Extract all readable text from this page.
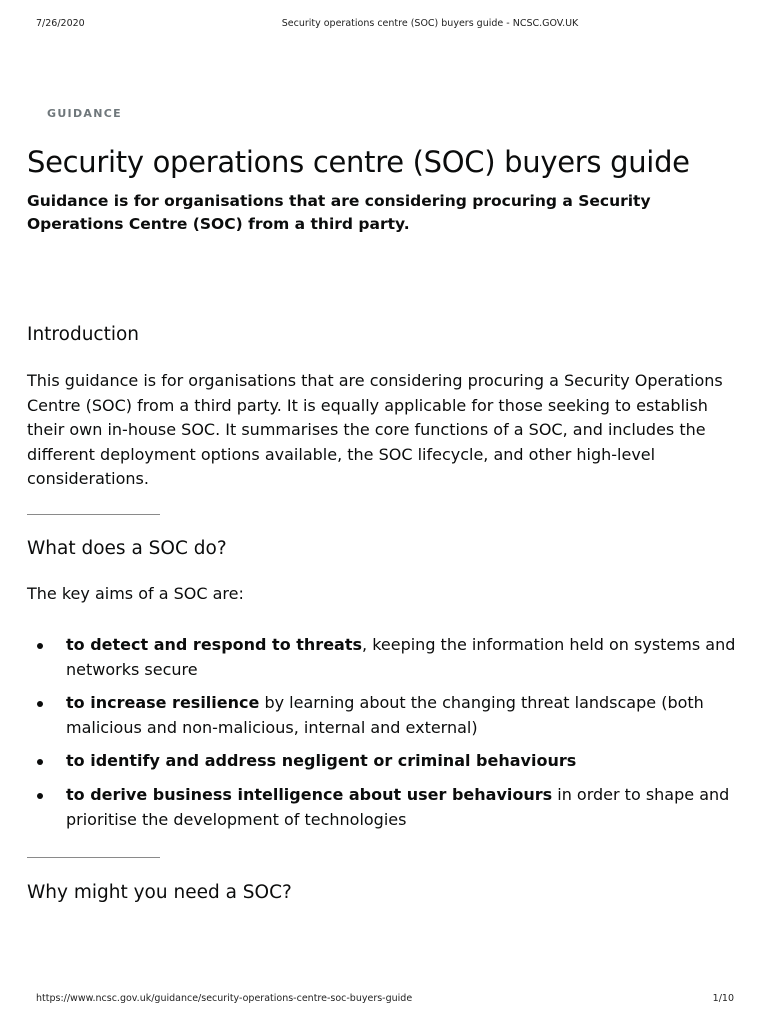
7/26/2020	Security operations centre (SOC) buyers guide - NCSC.GOV.UK
GUIDANCE
Security operations centre (SOC) buyers guide

Guidance is for organisations that are considering procuring a Security Operations Centre (SOC) from a third party.

Introduction

This guidance is for organisations that are considering procuring a Security Operations Centre (SOC) from a third party. It is equally applicable for those seeking to establish their own in-house SOC. It summarises the core functions of a SOC, and includes the different deployment options available, the SOC lifecycle, and other high-level considerations.

What does a SOC do?

The key aims of a SOC are:

to detect and respond to threats, keeping the information held on systems and networks secure
to increase resilience by learning about the changing threat landscape (both malicious and non-malicious, internal and external)
to identify and address negligent or criminal behaviours
to derive business intelligence about user behaviours in order to shape and prioritise the development of technologies
Why might you need a SOC?
https://www.ncsc.gov.uk/guidance/security-operations-centre-soc-buyers-guide	1/10
